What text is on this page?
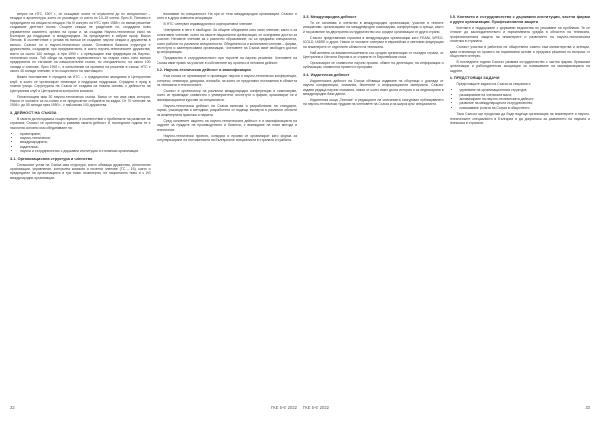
кенрес на НТС, 1907 г., се осъщават опити те отраслени до по специалност – пещари и архитектура, което се ръководят от които по 10–15 члена. През Б. Попович е председател на секция по пещари. На IV конгрес на НТС през 1985 г. се взема решение създаване дезттаст полях. Същите секции не разделяне по, създадени нови управителни комитети, органи на сроки и, за създава Научно-технически съюз на България да поддържат и международни. За председател е избран проф. Васил Пенков. В съответствие с устава на всички се създават научни секции и дружества в всичко. Съюзът си и научно-технически съюзи. Основната базисна структура е дружествата, създадени при предприятията, в която научно-техническите дружества, които са около 100 хиляди, а при 1990 г. с превръщане във федерация на Научно-технически съюз. Той обеди на правна приемственост на стария съюз, като всички предприятия по съгласие на самостоятелни съюзи, по специалности, на около 100 хиляди и членове. През 1992 г., в изпълнение на промени на решение в съюза, НТС с около 45 хиляди членове, и по съществото на настоящото.

Важно постижение е сградата на НТС – с традиционни заседания и Централния клуб, в които се организират семинари и поддържа поддръжка. Сградата е пред в главна улица. Структурата на Съюза се създава на новата основа, с дейността на Централния клуб и Централната контролна комисия.

Понастоящем има 30 научно-технически съюза. Всеки от тях има своя история. Някои от съюзите са по-голям и се предпочитат отбраната на кадри. От 70 членове на 1906 г. до 50 хиляди през 1990 г., с най-малко 100 дружества.

3. ДЕЙНОСТ НА СЪЮЗА

В своята дългогодишна съществуване, в съответствие с проблемите на развитие на страната, Съюзът се ориентира и развива своята дейност. В последните години тя е насочена основно към обединяване на:

• проектиране;
• научно-технически;
• международната;
• издателска;
• научна и сътрудничество с държавни институции и стопански организации.
3.1. Организационна структура и членство

Сегашният устав на Съюза има структура, която обхваща дружества, регионални организации, управление, контролна комисия и почетни членове (ТС – 16), както и председател на организацията в три нива: инженерни, на национално ниво и с ИЗ международни организации.

възникват по специалност. На при от тези международни организации. Съюзът е член и в други известни асоциации.

В НТС членуват индивидуални и корпоративни членове.

Членуване в него е свободно. За общите обединени като свои членове, както и за колективни членове, които на своите национални организации, се осигуряват достъп за участие. Неговите членове са с различно образование, но са предимно специалисти, които работят по различни специалности. Обединени са и колективни членове – фирми, институти и заинтересовани организации. Членовете на Съюза имат свободен достъп до информация.

Предимство е сътрудничеството при търсене на научни решения. Членовете на Съюза имат право на участие в собствените му органи и в неговата дейност.

3.2. Научно-техническа дейност и квалификация

Към съюза се организират и провеждат научни и научно-технически конференции, конгреси, семинари, дискусии, изложби, на които се представят постижения в областта на техниката и технологиите.

Съюзът е организатор на различни международни конференции и симпозиуми, които се провеждат съвместно с университети, институти и фирми, организират се и квалификационни курсове за специалисти.

Научно-техническа дейност на Съюза включва и разработване на стандарти, норми, ръководства и методики, разработени от водещи експерти в различни области на инженерната практика и науката.

Сред основните акценти на научно-техническата дейност е и квалификацията на кадрите за нуждите на производството и бизнеса, с въвеждане на нови методи и технологии.

Научно-технически проекти, конкурси и прояви се организират като форма за популяризиране на постиженията на българските специалисти в страната и чужбина.

32	ГКЕ 5-6' 2022
3.3. Международна дейност

Тя се основава и членство в международни организации, участие в техните инициативи, организиране на международни симпозиуми, конференции и срещи, както и на развитие на двустранно сътрудничество със сродни организации от други страни.

Съюзът представлява страната в международни организации като FEANI, WFEO, ICOLD, IABSE и други. Някои от съюзите членуват в европейски и световни федерации на инженерите от отделните области на техниката.

Най-активни са взаимоотношенията със сродни организации от съседни страни, от Централна и Източна Европа и от страните от Европейския съюз.

Организират се съвместни научни прояви, обмен на делегации, на информация и публикации, съвместни проекти и програми.

3.4. Издателска дейност

Издателската дейност на Съюза обхваща издаване на сборници с доклади от научни конференции, списания, бюлетини и информационни материали. Съюзът издава редица научни списания, някои от които имат дълга история и са индексирани в международни бази данни.

Издателска къща „Техника“ и редакциите на списанията осигуряват публикуването на научно-технически трудове на членовете на Съюза и на широк кръг специалисти.

3.5. Контакти и сътрудничество с държавни институции, частни фирми и други организации. Професионална защита

Контакти и поддържане с държавни ведомства по решаване на проблеми. Те се отнасят до законодателството и нормативната уредба в областта на техниката, професионалната защита на инженерите и развитието на научно-техническата политика в страната.

Съюзът участва в работата на обществени съвети към министерства и агенции, дава становища по проекти на нормативни актове и предлага решения по въпроси от обществен интерес.

В последните години Съюзът развива сътрудничество с частни фирми, браншови организации и работодателски асоциации за повишаване на квалификацията на кадрите.

4. ПРЕДСТОЯЩИ ЗАДАЧИ

Предстоящите задачи на Съюза са свързани с:

• укрепване на организационната структура;
• разширяване на членската маса;
• активизиране на научно-техническата дейност;
• развитие на международното сътрудничество;
• повишаване ролята на Съюза в обществото.

Така Съюзът ще продължи да бъде водеща организация на инженерите и научно-техническите специалисти в България и да допринася за развитието на науката и техниката в страната.

ГКЕ 5-6' 2022	33
